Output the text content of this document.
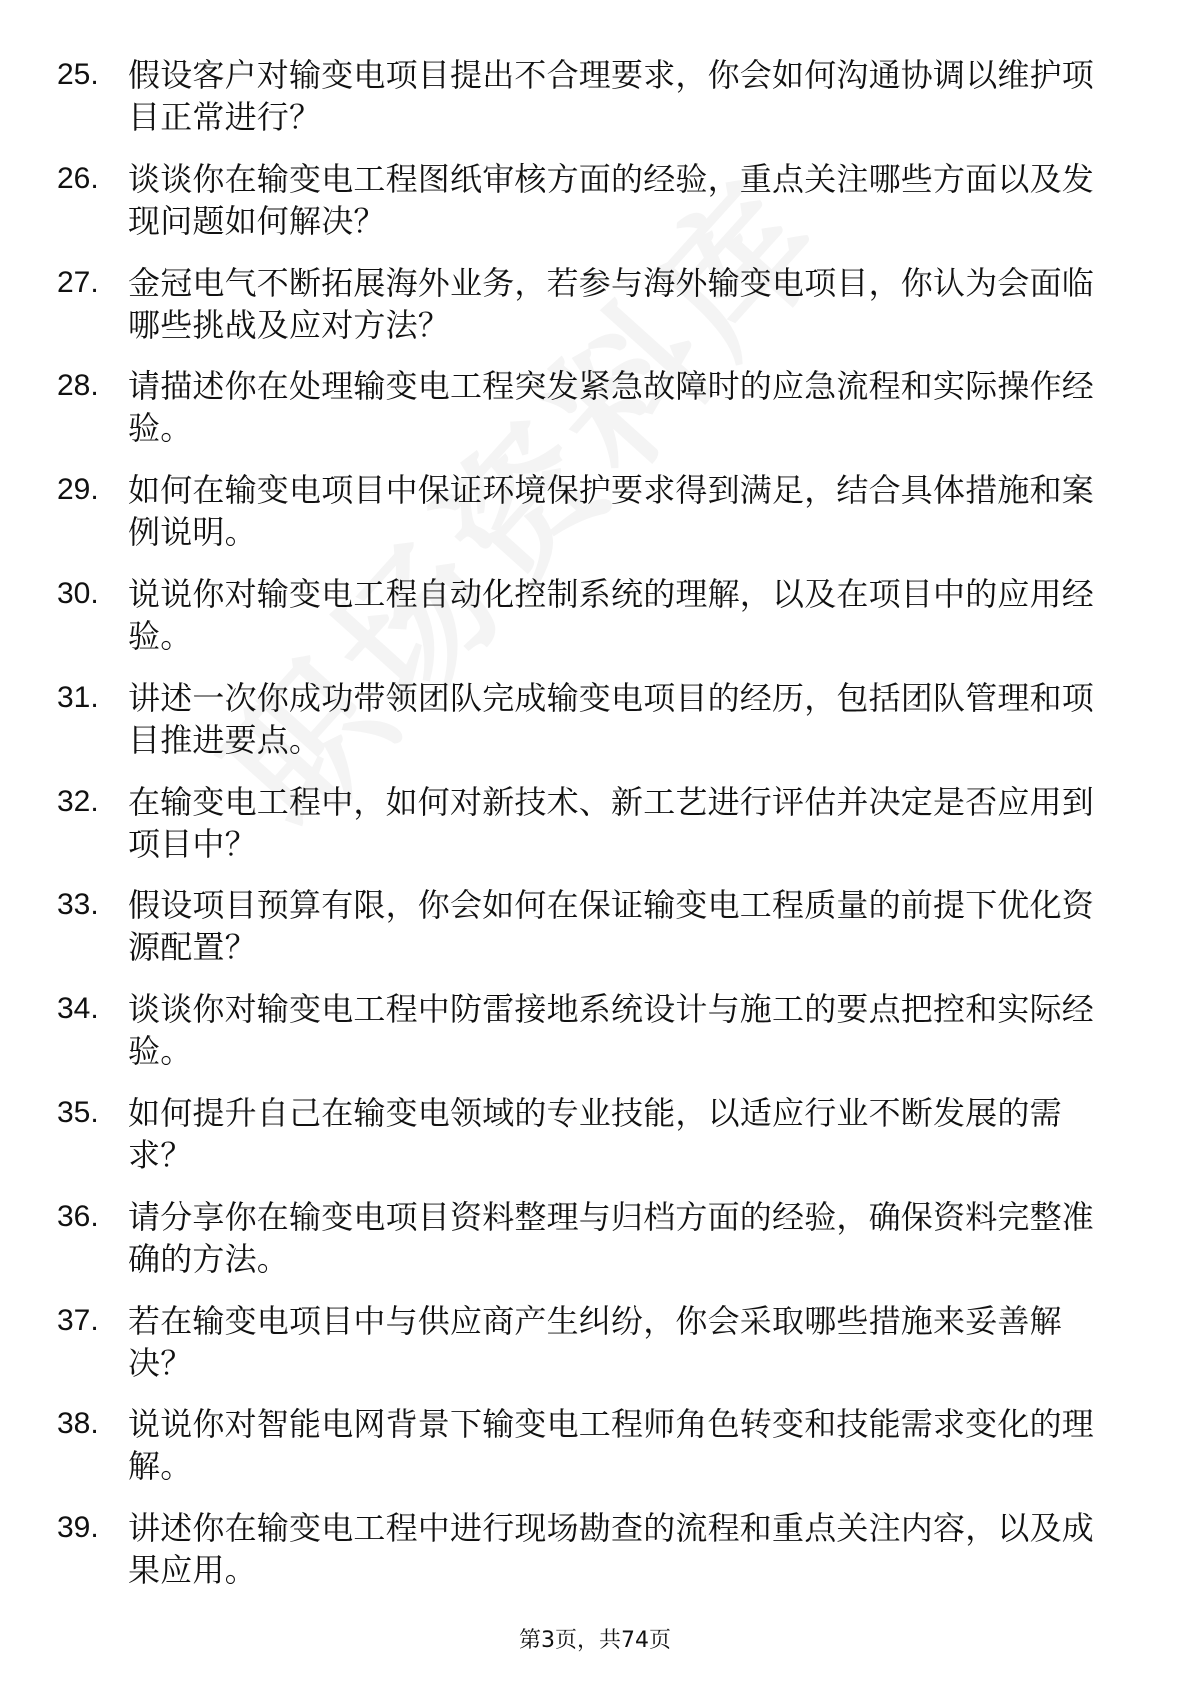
25. 假设客户对输变电项目提出不合理要求，你会如何沟通协调以维护项目正常进行？
26. 谈谈你在输变电工程图纸审核方面的经验，重点关注哪些方面以及发现问题如何解决？
27. 金冠电气不断拓展海外业务，若参与海外输变电项目，你认为会面临哪些挑战及应对方法？
28. 请描述你在处理输变电工程突发紧急故障时的应急流程和实际操作经验。
29. 如何在输变电项目中保证环境保护要求得到满足，结合具体措施和案例说明。
30. 说说你对输变电工程自动化控制系统的理解，以及在项目中的应用经验。
31. 讲述一次你成功带领团队完成输变电项目的经历，包括团队管理和项目推进要点。
32. 在输变电工程中，如何对新技术、新工艺进行评估并决定是否应用到项目中？
33. 假设项目预算有限，你会如何在保证输变电工程质量的前提下优化资源配置？
34. 谈谈你对输变电工程中防雷接地系统设计与施工的要点把控和实际经验。
35. 如何提升自己在输变电领域的专业技能，以适应行业不断发展的需求？
36. 请分享你在输变电项目资料整理与归档方面的经验，确保资料完整准确的方法。
37. 若在输变电项目中与供应商产生纠纷，你会采取哪些措施来妥善解决？
38. 说说你对智能电网背景下输变电工程师角色转变和技能需求变化的理解。
39. 讲述你在输变电工程中进行现场勘查的流程和重点关注内容，以及成果应用。
第3页，共74页
